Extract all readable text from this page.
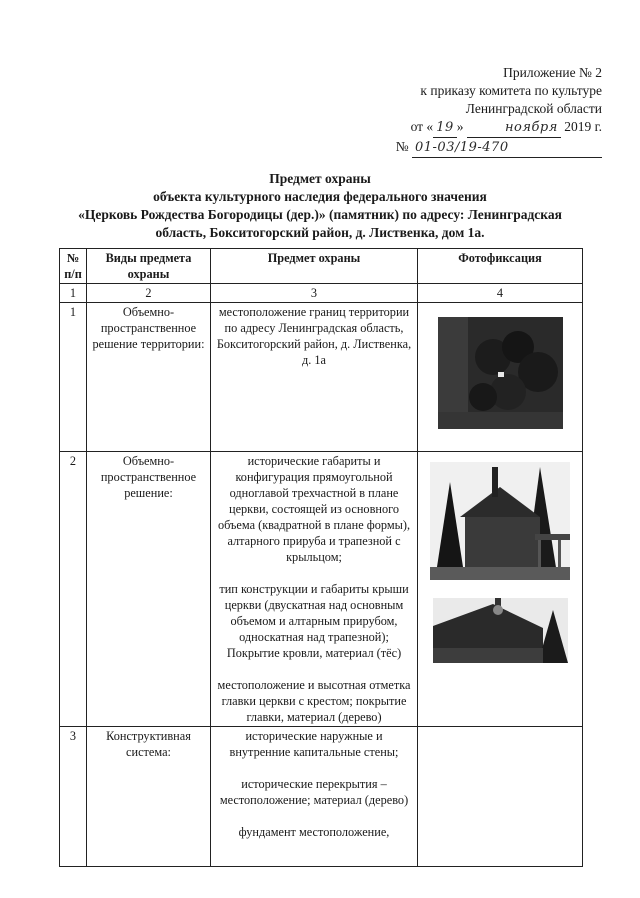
Приложение № 2
к приказу комитета по культуре
Ленинградской области
от « 19 »	ноября 2019 г.
№ 01-03/19-470
Предмет охраны
объекта культурного наследия федерального значения
«Церковь Рождества Богородицы (дер.)» (памятник) по адресу: Ленинградская
область, Бокситогорский район, д. Лиственка, дом 1а.
№ п/п	Виды предмета охраны	Предмет охраны	Фотофиксация
1	2	3	4
1	Объемно-пространственное решение территории:	местоположение границ территории по адресу Ленинградская область, Бокситогорский район, д. Лиственка, д. 1а

2	Объемно-пространственное решение:	исторические габариты и конфигурация прямоугольной одноглавой трехчастной в плане церкви, состоящей из основного объема (квадратной в плане формы), алтарного прируба и трапезной с крыльцом;

тип конструкции и габариты крыши церкви (двускатная над основным объемом и алтарным прирубом, односкатная над трапезной); Покрытие кровли, материал (тёс)

местоположение и высотная отметка главки церкви с крестом; покрытие главки, материал (дерево)

3	Конструктивная система:	исторические наружные и внутренние капитальные стены;

исторические перекрытия – местоположение; материал (дерево)

фундамент местоположение,	
